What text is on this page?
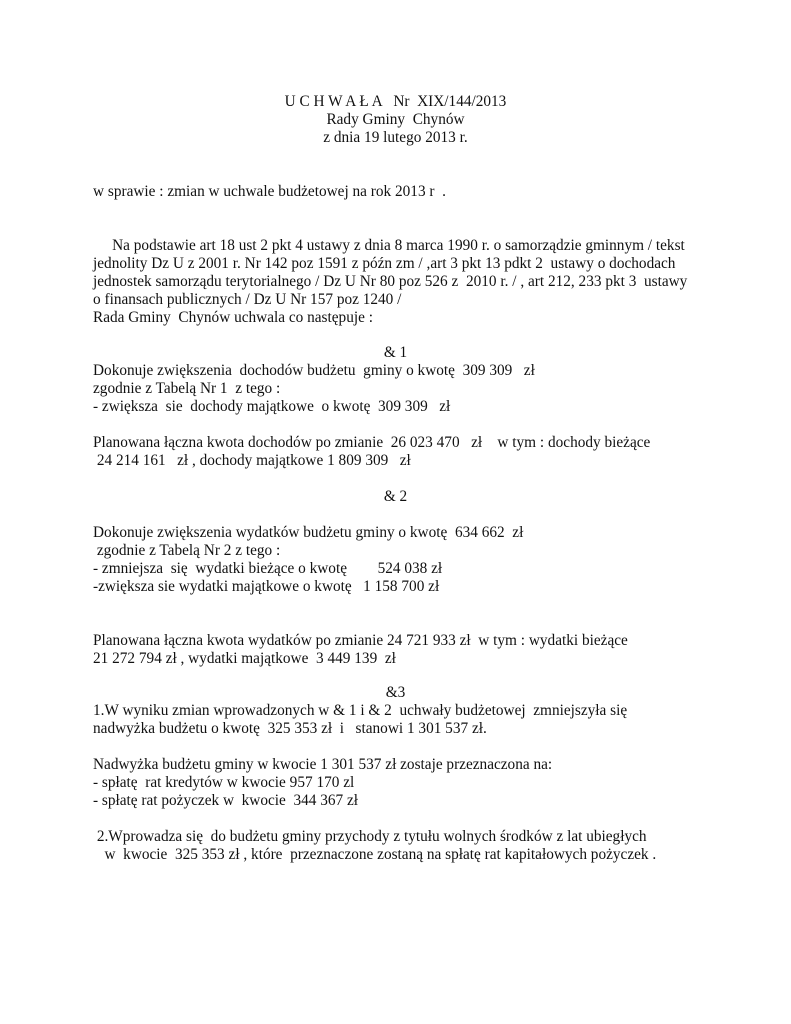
U C H W A Ł A   Nr  XIX/144/2013

Rady Gminy  Chynów

z dnia 19 lutego 2013 r.

w sprawie : zmian w uchwale budżetowej na rok 2013 r  .

Na podstawie art 18 ust 2 pkt 4 ustawy z dnia 8 marca 1990 r. o samorządzie gminnym / tekst

jednolity Dz U z 2001 r. Nr 142 poz 1591 z późn zm / ,art 3 pkt 13 pdkt 2  ustawy o dochodach

jednostek samorządu terytorialnego / Dz U Nr 80 poz 526 z  2010 r. / , art 212, 233 pkt 3  ustawy

o finansach publicznych / Dz U Nr 157 poz 1240 /

Rada Gminy  Chynów uchwala co następuje :

& 1

Dokonuje zwiększenia  dochodów budżetu  gminy o kwotę  309 309   zł

zgodnie z Tabelą Nr 1  z tego :

- zwiększa  sie  dochody majątkowe  o kwotę  309 309   zł

Planowana łączna kwota dochodów po zmianie  26 023 470   zł    w tym : dochody bieżące

24 214 161   zł , dochody majątkowe 1 809 309   zł

& 2

Dokonuje zwiększenia wydatków budżetu gminy o kwotę  634 662  zł

zgodnie z Tabelą Nr 2 z tego :

- zmniejsza  się  wydatki bieżące o kwotę        524 038 zł

-zwiększa sie wydatki majątkowe o kwotę   1 158 700 zł

Planowana łączna kwota wydatków po zmianie 24 721 933 zł  w tym : wydatki bieżące

21 272 794 zł , wydatki majątkowe  3 449 139  zł

&3

1.W wyniku zmian wprowadzonych w & 1 i & 2  uchwały budżetowej  zmniejszyła się

nadwyżka budżetu o kwotę  325 353 zł  i   stanowi 1 301 537 zł.

Nadwyżka budżetu gminy w kwocie 1 301 537 zł zostaje przeznaczona na:

- spłatę  rat kredytów w kwocie 957 170 zl

- spłatę rat pożyczek w  kwocie  344 367 zł

2.Wprowadza się  do budżetu gminy przychody z tytułu wolnych środków z lat ubiegłych

w  kwocie  325 353 zł , które  przeznaczone zostaną na spłatę rat kapitałowych pożyczek .
